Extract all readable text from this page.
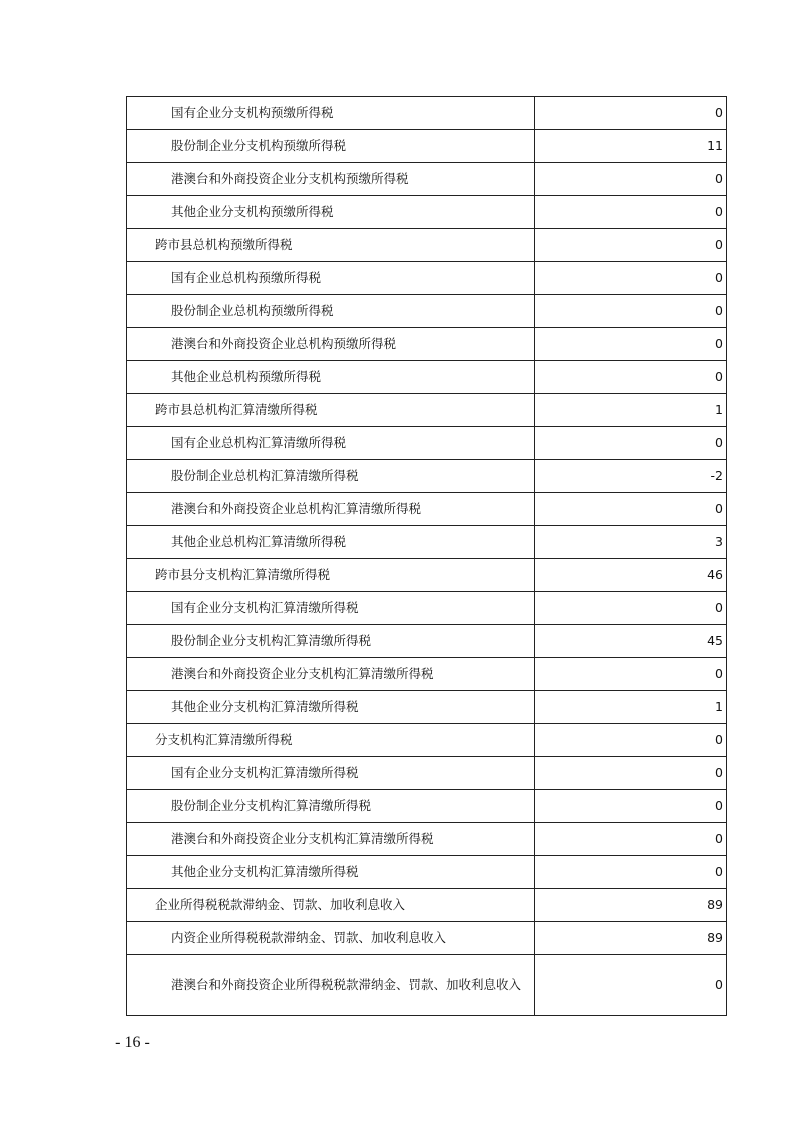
国有企业分支机构预缴所得税	0
股份制企业分支机构预缴所得税	11
港澳台和外商投资企业分支机构预缴所得税	0
其他企业分支机构预缴所得税	0
跨市县总机构预缴所得税	0
国有企业总机构预缴所得税	0
股份制企业总机构预缴所得税	0
港澳台和外商投资企业总机构预缴所得税	0
其他企业总机构预缴所得税	0
跨市县总机构汇算清缴所得税	1
国有企业总机构汇算清缴所得税	0
股份制企业总机构汇算清缴所得税	-2
港澳台和外商投资企业总机构汇算清缴所得税	0
其他企业总机构汇算清缴所得税	3
跨市县分支机构汇算清缴所得税	46
国有企业分支机构汇算清缴所得税	0
股份制企业分支机构汇算清缴所得税	45
港澳台和外商投资企业分支机构汇算清缴所得税	0
其他企业分支机构汇算清缴所得税	1
分支机构汇算清缴所得税	0
国有企业分支机构汇算清缴所得税	0
股份制企业分支机构汇算清缴所得税	0
港澳台和外商投资企业分支机构汇算清缴所得税	0
其他企业分支机构汇算清缴所得税	0
企业所得税税款滞纳金、罚款、加收利息收入	89
内资企业所得税税款滞纳金、罚款、加收利息收入	89
港澳台和外商投资企业所得税税款滞纳金、罚款、加收利息收入	0
- 16 -
